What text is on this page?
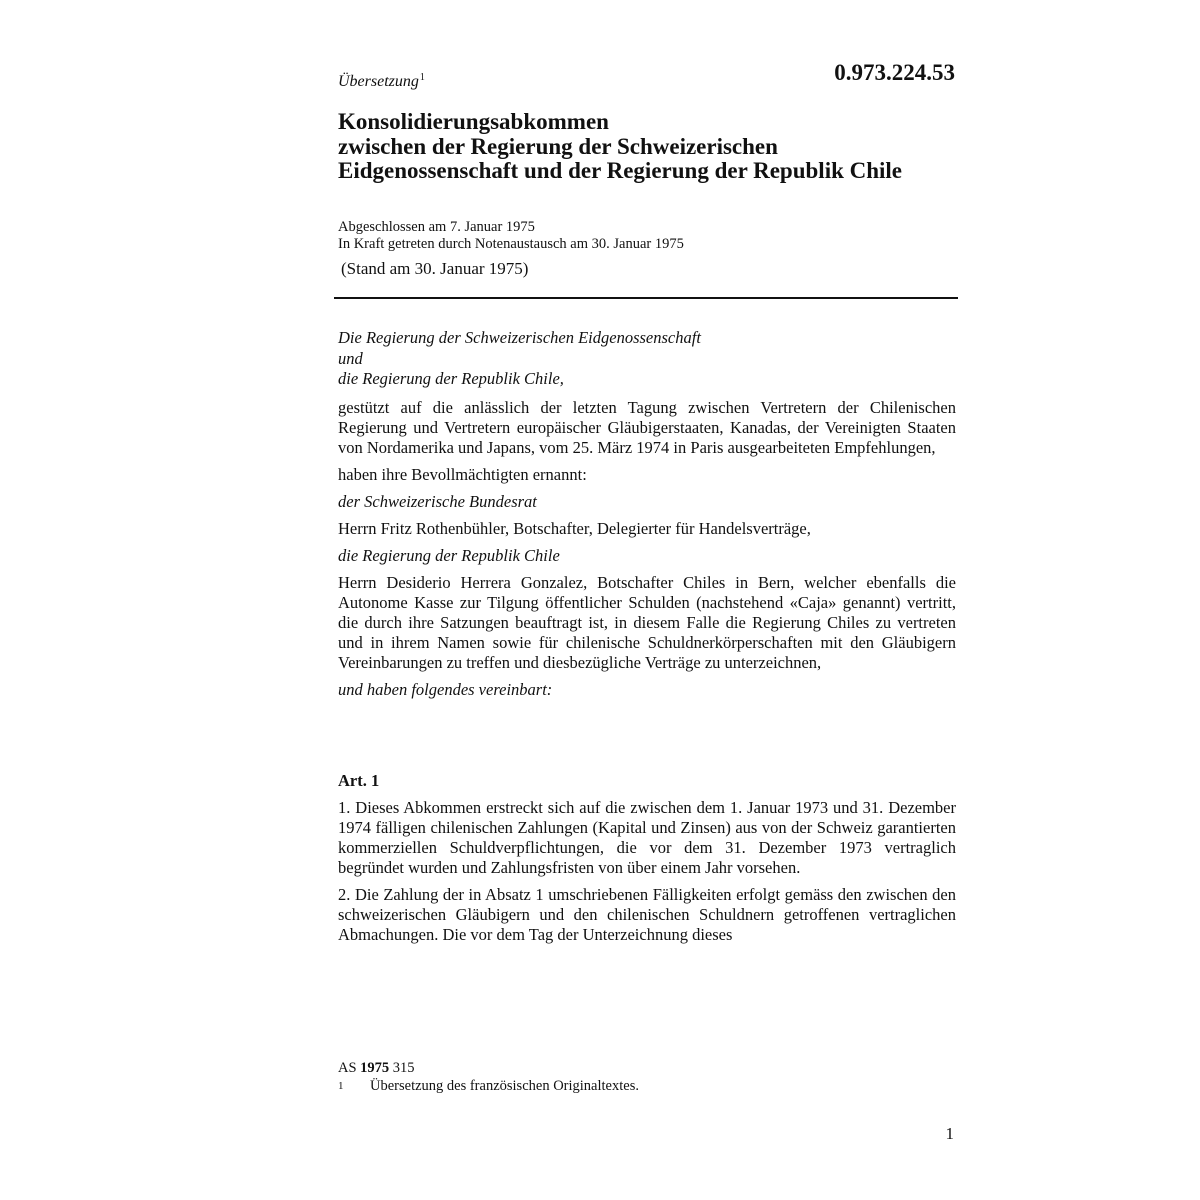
Übersetzung$^1$	0.973.224.53
Konsolidierungsabkommen
zwischen der Regierung der Schweizerischen
Eidgenossenschaft und der Regierung der Republik Chile
Abgeschlossen am 7. Januar 1975
In Kraft getreten durch Notenaustausch am 30. Januar 1975
(Stand am 30. Januar 1975)
Die Regierung der Schweizerischen Eidgenossenschaft
und
die Regierung der Republik Chile,

gestützt auf die anlässlich der letzten Tagung zwischen Vertretern der Chilenischen Regierung und Vertretern europäischer Gläubigerstaaten, Kanadas, der Vereinigten Staaten von Nordamerika und Japans, vom 25. März 1974 in Paris ausgearbeiteten Empfehlungen,

haben ihre Bevollmächtigten ernannt:

der Schweizerische Bundesrat

Herrn Fritz Rothenbühler, Botschafter, Delegierter für Handelsverträge,

die Regierung der Republik Chile

Herrn Desiderio Herrera Gonzalez, Botschafter Chiles in Bern, welcher ebenfalls die Autonome Kasse zur Tilgung öffentlicher Schulden (nachstehend «Caja» genannt) vertritt, die durch ihre Satzungen beauftragt ist, in diesem Falle die Regierung Chiles zu vertreten und in ihrem Namen sowie für chilenische Schuldnerkörperschaften mit den Gläubigern Vereinbarungen zu treffen und diesbezügliche Verträge zu unterzeichnen,

und haben folgendes vereinbart:

Art. 1

1. Dieses Abkommen erstreckt sich auf die zwischen dem 1. Januar 1973 und 31. Dezember 1974 fälligen chilenischen Zahlungen (Kapital und Zinsen) aus von der Schweiz garantierten kommerziellen Schuldverpflichtungen, die vor dem 31. Dezember 1973 vertraglich begründet wurden und Zahlungsfristen von über einem Jahr vorsehen.

2. Die Zahlung der in Absatz 1 umschriebenen Fälligkeiten erfolgt gemäss den zwischen den schweizerischen Gläubigern und den chilenischen Schuldnern getroffenen vertraglichen Abmachungen. Die vor dem Tag der Unterzeichnung dieses

AS 1975 315
1	Übersetzung des französischen Originaltextes.
1
